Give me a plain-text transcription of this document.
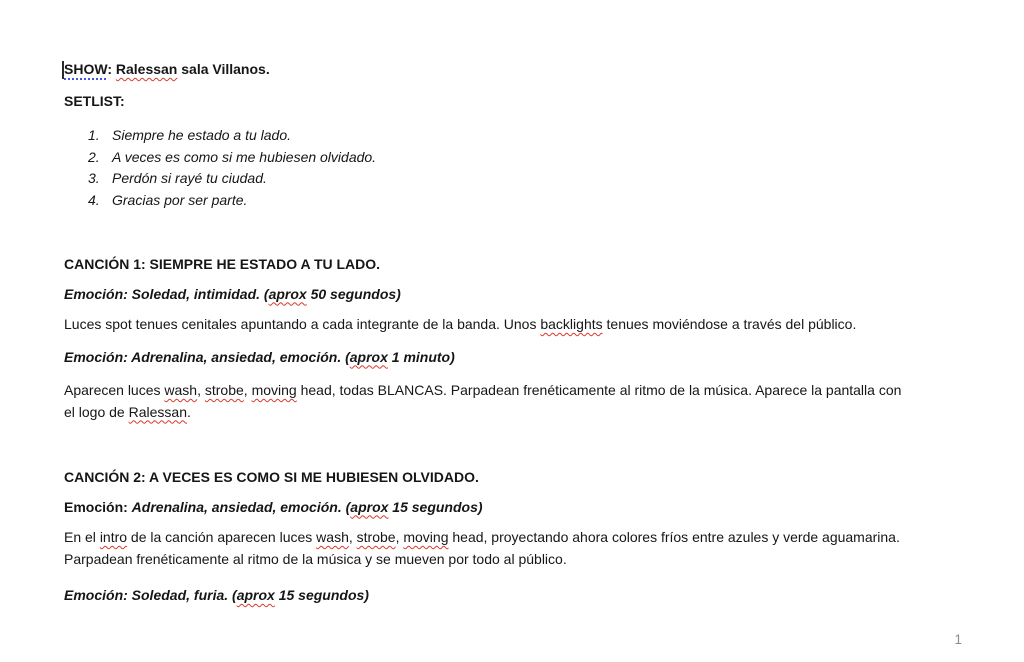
SHOW: Ralessan sala Villanos.
SETLIST:
1. Siempre he estado a tu lado.
2. A veces es como si me hubiesen olvidado.
3. Perdón si rayé tu ciudad.
4. Gracias por ser parte.
CANCIÓN 1: SIEMPRE HE ESTADO A TU LADO.
Emoción: Soledad, intimidad. (aprox 50 segundos)
Luces spot tenues cenitales apuntando a cada integrante de la banda. Unos backlights tenues moviéndose a través del público.
Emoción: Adrenalina, ansiedad, emoción. (aprox 1 minuto)
Aparecen luces wash, strobe, moving head, todas BLANCAS. Parpadean frenéticamente al ritmo de la música. Aparece la pantalla con
el logo de Ralessan.
CANCIÓN 2: A VECES ES COMO SI ME HUBIESEN OLVIDADO.
Emoción: Adrenalina, ansiedad, emoción. (aprox 15 segundos)
En el intro de la canción aparecen luces wash, strobe, moving head, proyectando ahora colores fríos entre azules y verde aguamarina.
Parpadean frenéticamente al ritmo de la música y se mueven por todo al público.
Emoción: Soledad, furia. (aprox 15 segundos)
1
